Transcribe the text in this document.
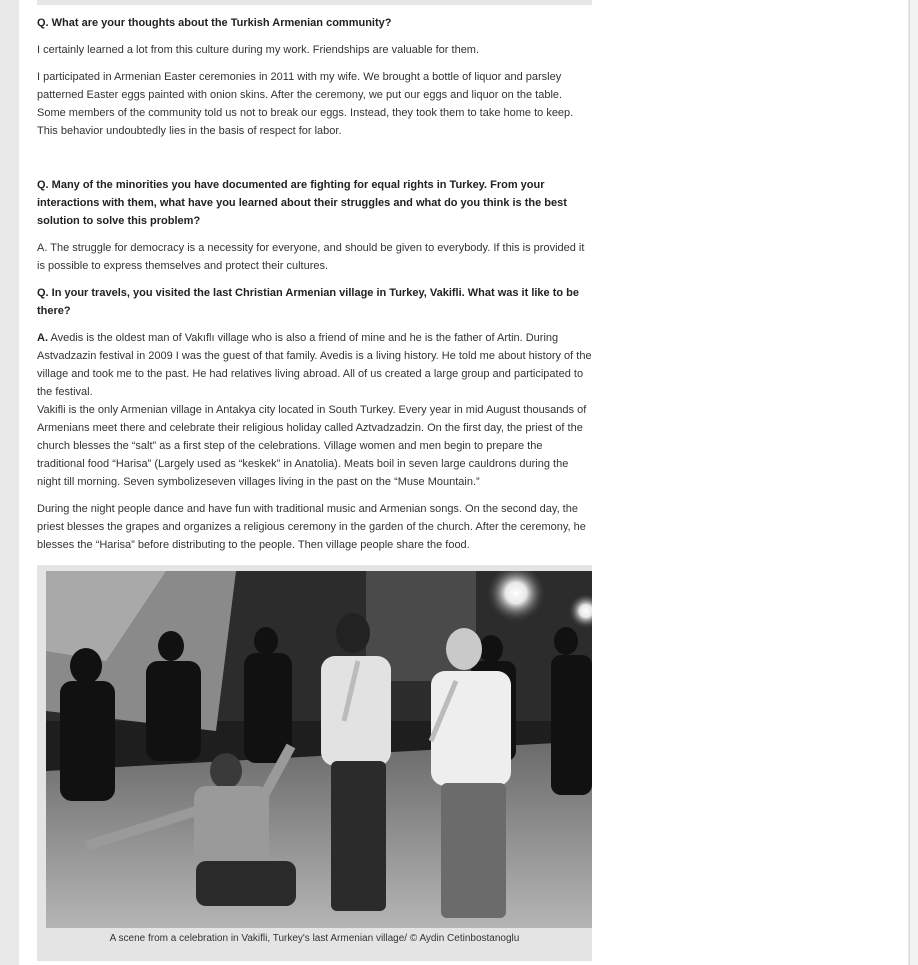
Q. What are your thoughts about the Turkish Armenian community?

I certainly learned a lot from this culture during my work. Friendships are valuable for them.

I participated in Armenian Easter ceremonies in 2011 with my wife. We brought a bottle of liquor and parsley patterned Easter eggs painted with onion skins. After the ceremony, we put our eggs and liquor on the table. Some members of the community told us not to break our eggs. Instead, they took them to take home to keep. This behavior undoubtedly lies in the basis of respect for labor.

Q. Many of the minorities you have documented are fighting for equal rights in Turkey. From your interactions with them, what have you learned about their struggles and what do you think is the best solution to solve this problem?

A. The struggle for democracy is a necessity for everyone, and should be given to everybody. If this is provided it is possible to express themselves and protect their cultures.

Q. In your travels, you visited the last Christian Armenian village in Turkey, Vakifli. What was it like to be there?

A. Avedis is the oldest man of Vakıflı village who is also a friend of mine and he is the father of Artin. During Astvadzazin festival in 2009 I was the guest of that family. Avedis is a living history. He told me about history of the village and took me to the past. He had relatives living abroad. All of us created a large group and participated to the festival.
Vakifli is the only Armenian village in Antakya city located in South Turkey. Every year in mid August thousands of Armenians meet there and celebrate their religious holiday called Aztvadzadzin. On the first day, the priest of the church blesses the “salt” as a first step of the celebrations. Village women and men begin to prepare the traditional food “Harisa” (Largely used as “keskek” in Anatolia). Meats boil in seven large cauldrons during the night till morning. Seven symbolizeseven villages living in the past on the “Muse Mountain.”

During the night people dance and have fun with traditional music and Armenian songs. On the second day, the priest blesses the grapes and organizes a religious ceremony in the garden of the church. After the ceremony, he blesses the “Harisa” before distributing to the people. Then village people share the food.

A scene from a celebration in Vakifli, Turkey's last Armenian village/ © Aydin Cetinbostanoglu
